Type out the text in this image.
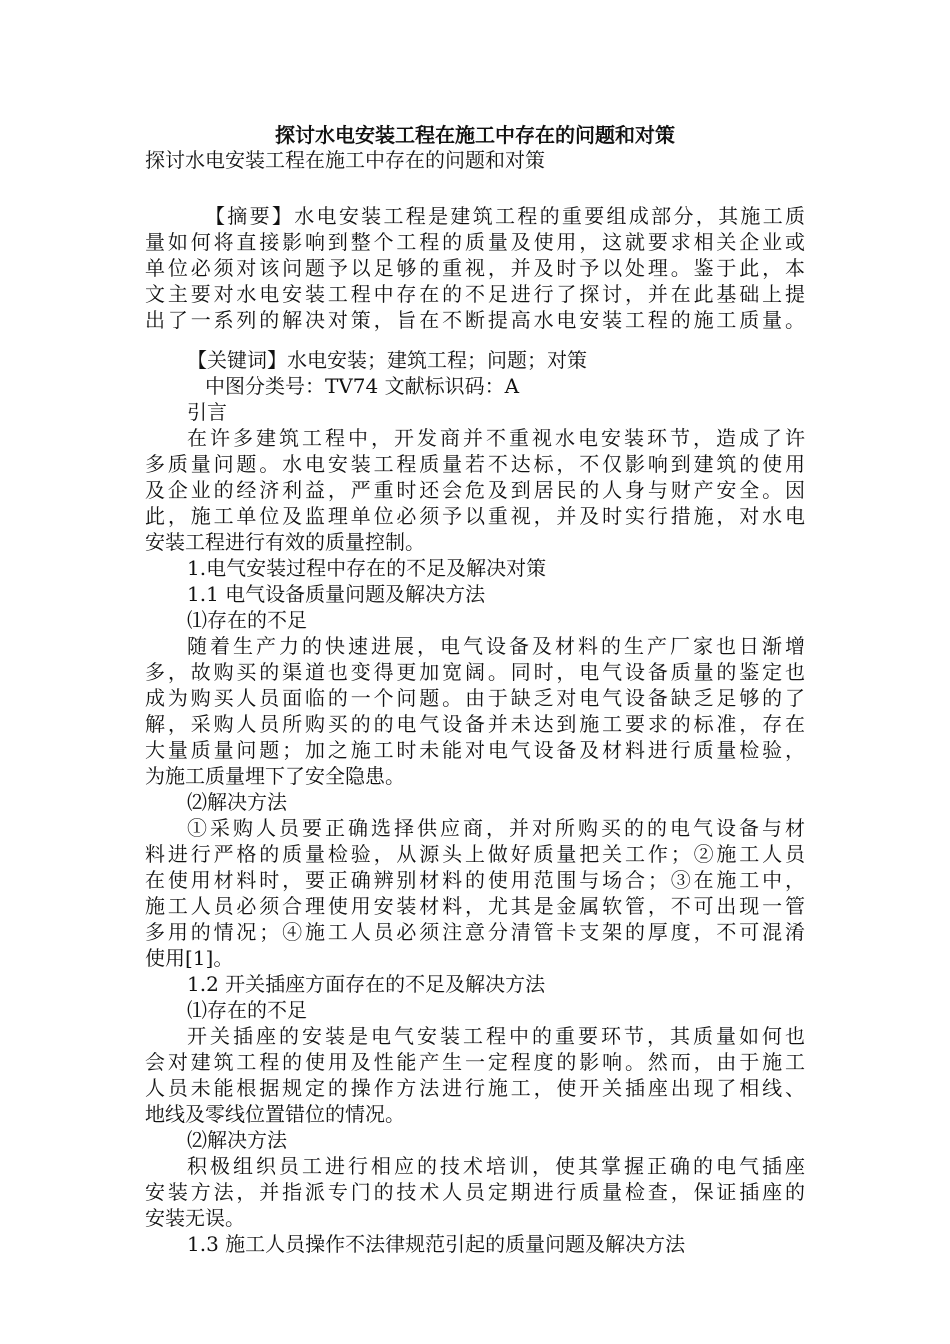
探讨水电安装工程在施工中存在的问题和对策
探讨水电安装工程在施工中存在的问题和对策
【摘要】水电安装工程是建筑工程的重要组成部分，其施工质
量如何将直接影响到整个工程的质量及使用，这就要求相关企业或
单位必须对该问题予以足够的重视，并及时予以处理。鉴于此，本
文主要对水电安装工程中存在的不足进行了探讨，并在此基础上提
出了一系列的解决对策，旨在不断提高水电安装工程的施工质量。
【关键词】水电安装；建筑工程；问题；对策
中图分类号：TV74 文献标识码：A
引言
在许多建筑工程中，开发商并不重视水电安装环节，造成了许
多质量问题。水电安装工程质量若不达标，不仅影响到建筑的使用
及企业的经济利益，严重时还会危及到居民的人身与财产安全。因
此，施工单位及监理单位必须予以重视，并及时实行措施，对水电
安装工程进行有效的质量控制。
1.电气安装过程中存在的不足及解决对策
1.1 电气设备质量问题及解决方法
⑴存在的不足
随着生产力的快速进展，电气设备及材料的生产厂家也日渐增
多，故购买的渠道也变得更加宽阔。同时，电气设备质量的鉴定也
成为购买人员面临的一个问题。由于缺乏对电气设备缺乏足够的了
解，采购人员所购买的的电气设备并未达到施工要求的标准，存在
大量质量问题；加之施工时未能对电气设备及材料进行质量检验，
为施工质量埋下了安全隐患。
⑵解决方法
①采购人员要正确选择供应商，并对所购买的的电气设备与材
料进行严格的质量检验，从源头上做好质量把关工作；②施工人员
在使用材料时，要正确辨别材料的使用范围与场合；③在施工中，
施工人员必须合理使用安装材料，尤其是金属软管，不可出现一管
多用的情况；④施工人员必须注意分清管卡支架的厚度，不可混淆
使用[1]。
1.2 开关插座方面存在的不足及解决方法
⑴存在的不足
开关插座的安装是电气安装工程中的重要环节，其质量如何也
会对建筑工程的使用及性能产生一定程度的影响。然而，由于施工
人员未能根据规定的操作方法进行施工，使开关插座出现了相线、
地线及零线位置错位的情况。
⑵解决方法
积极组织员工进行相应的技术培训，使其掌握正确的电气插座
安装方法，并指派专门的技术人员定期进行质量检查，保证插座的
安装无误。
1.3 施工人员操作不法律规范引起的质量问题及解决方法
